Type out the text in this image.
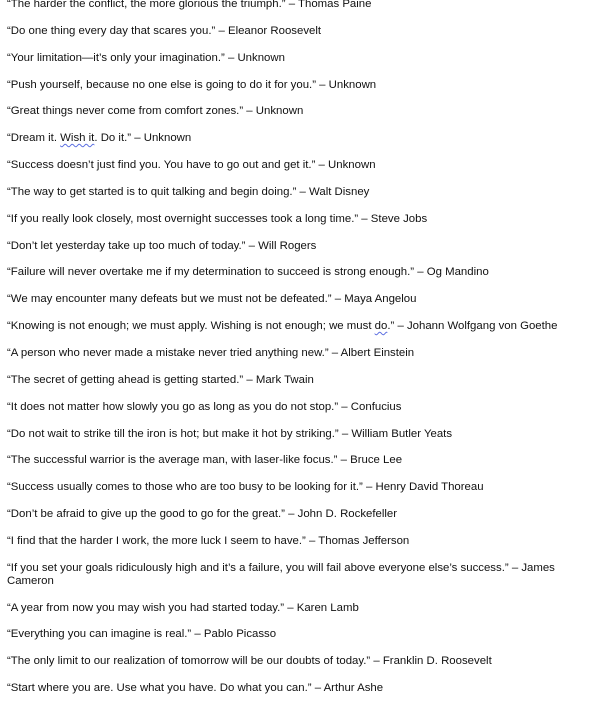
“The harder the conflict, the more glorious the triumph.” – Thomas Paine

“Do one thing every day that scares you.” – Eleanor Roosevelt

“Your limitation—it’s only your imagination.” – Unknown

“Push yourself, because no one else is going to do it for you.” – Unknown

“Great things never come from comfort zones.” – Unknown

“Dream it. Wish it. Do it.” – Unknown

“Success doesn’t just find you. You have to go out and get it.” – Unknown

“The way to get started is to quit talking and begin doing.” – Walt Disney

“If you really look closely, most overnight successes took a long time.” – Steve Jobs

“Don’t let yesterday take up too much of today.” – Will Rogers

“Failure will never overtake me if my determination to succeed is strong enough.” – Og Mandino

“We may encounter many defeats but we must not be defeated.” – Maya Angelou

“Knowing is not enough; we must apply. Wishing is not enough; we must do.” – Johann Wolfgang von Goethe

“A person who never made a mistake never tried anything new.” – Albert Einstein

“The secret of getting ahead is getting started.” – Mark Twain

“It does not matter how slowly you go as long as you do not stop.” – Confucius

“Do not wait to strike till the iron is hot; but make it hot by striking.” – William Butler Yeats

“The successful warrior is the average man, with laser-like focus.” – Bruce Lee

“Success usually comes to those who are too busy to be looking for it.” – Henry David Thoreau

“Don’t be afraid to give up the good to go for the great.” – John D. Rockefeller

“I find that the harder I work, the more luck I seem to have.” – Thomas Jefferson

“If you set your goals ridiculously high and it’s a failure, you will fail above everyone else’s success.” – James Cameron

“A year from now you may wish you had started today.” – Karen Lamb

“Everything you can imagine is real.” – Pablo Picasso

“The only limit to our realization of tomorrow will be our doubts of today.” – Franklin D. Roosevelt

“Start where you are. Use what you have. Do what you can.” – Arthur Ashe
